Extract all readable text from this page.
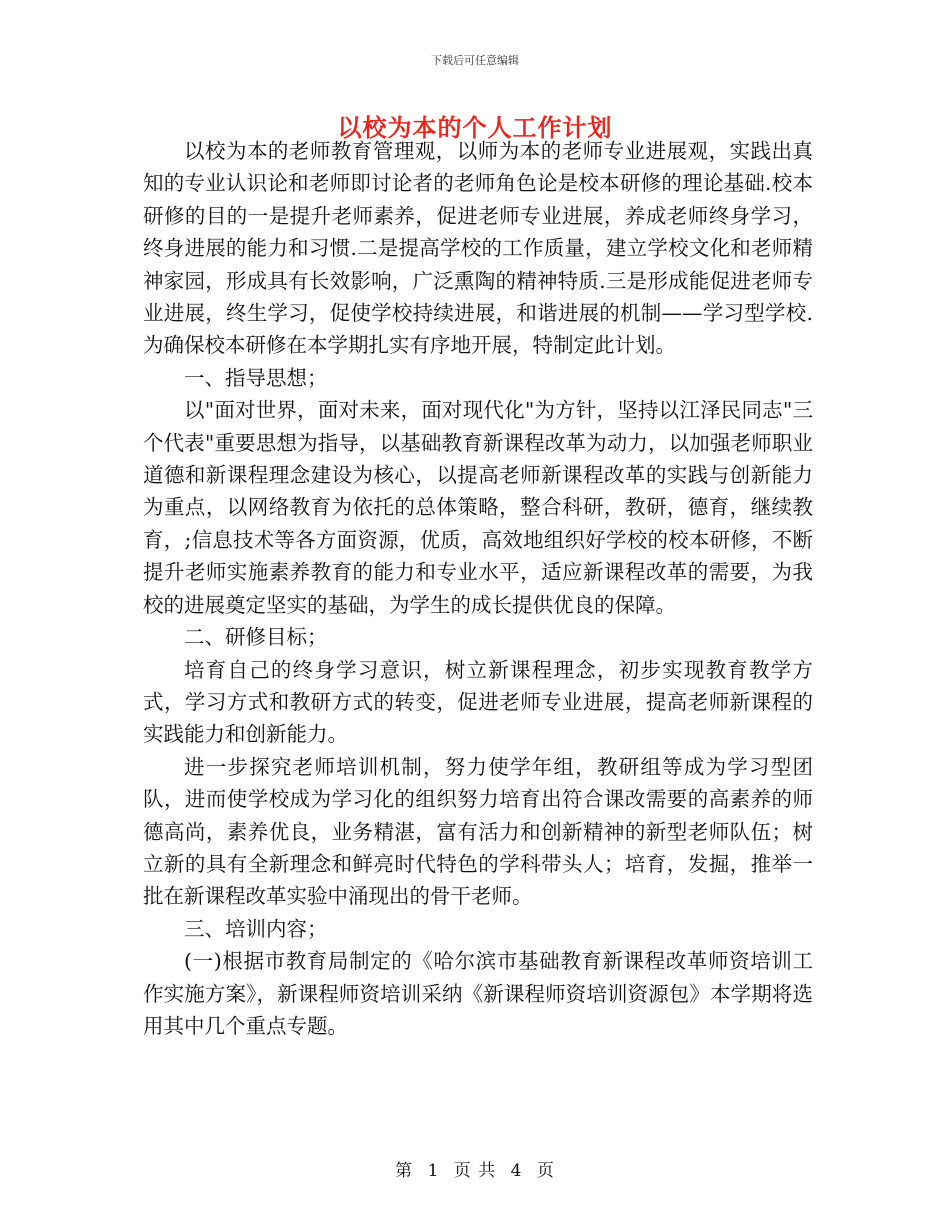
下载后可任意编辑
以校为本的个人工作计划

以校为本的老师教育管理观，以师为本的老师专业进展观，实践出真知的专业认识论和老师即讨论者的老师角色论是校本研修的理论基础.校本研修的目的一是提升老师素养，促进老师专业进展，养成老师终身学习，终身进展的能力和习惯.二是提高学校的工作质量，建立学校文化和老师精神家园，形成具有长效影响，广泛熏陶的精神特质.三是形成能促进老师专业进展，终生学习，促使学校持续进展，和谐进展的机制——学习型学校.为确保校本研修在本学期扎实有序地开展，特制定此计划。

一、指导思想；

以"面对世界，面对未来，面对现代化"为方针，坚持以江泽民同志"三个代表"重要思想为指导，以基础教育新课程改革为动力，以加强老师职业道德和新课程理念建设为核心，以提高老师新课程改革的实践与创新能力为重点，以网络教育为依托的总体策略，整合科研，教研，德育，继续教育，;信息技术等各方面资源，优质，高效地组织好学校的校本研修，不断提升老师实施素养教育的能力和专业水平，适应新课程改革的需要，为我校的进展奠定坚实的基础，为学生的成长提供优良的保障。

二、研修目标；

培育自己的终身学习意识，树立新课程理念，初步实现教育教学方式，学习方式和教研方式的转变，促进老师专业进展，提高老师新课程的实践能力和创新能力。

进一步探究老师培训机制，努力使学年组，教研组等成为学习型团队，进而使学校成为学习化的组织努力培育出符合课改需要的高素养的师德高尚，素养优良，业务精湛，富有活力和创新精神的新型老师队伍；树立新的具有全新理念和鲜亮时代特色的学科带头人；培育，发掘，推举一批在新课程改革实验中涌现出的骨干老师。

三、培训内容；

(一)根据市教育局制定的《哈尔滨市基础教育新课程改革师资培训工作实施方案》，新课程师资培训采纳《新课程师资培训资源包》本学期将选用其中几个重点专题。

第 1 页 共 4 页
